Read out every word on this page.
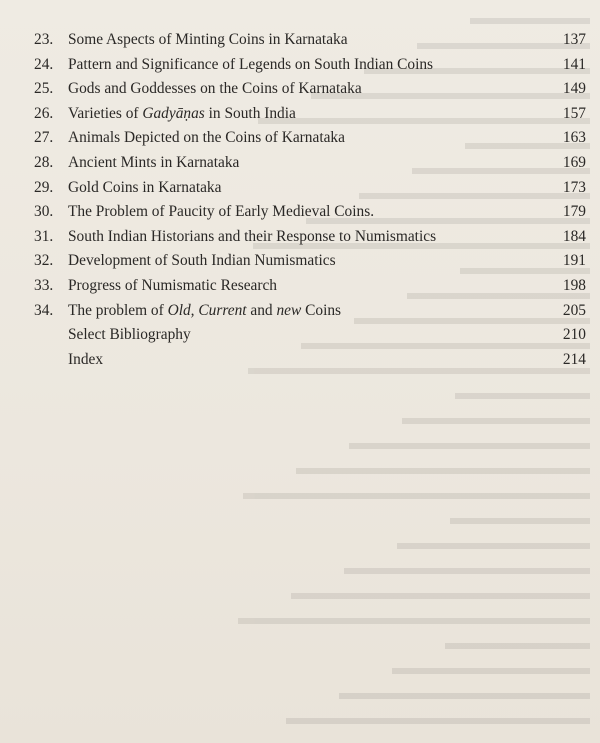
23. Some Aspects of Minting Coins in Karnataka	137
24. Pattern and Significance of Legends on South Indian Coins	141
25. Gods and Goddesses on the Coins of Karnataka	149
26. Varieties of Gadyāṇas in South India	157
27. Animals Depicted on the Coins of Karnataka	163
28. Ancient Mints in Karnataka	169
29. Gold Coins in Karnataka	173
30. The Problem of Paucity of Early Medieval Coins.	179
31. South Indian Historians and their Response to Numismatics	184
32. Development of South Indian Numismatics	191
33. Progress of Numismatic Research	198
34. The problem of Old, Current and new Coins	205
Select Bibliography	210
Index	214
